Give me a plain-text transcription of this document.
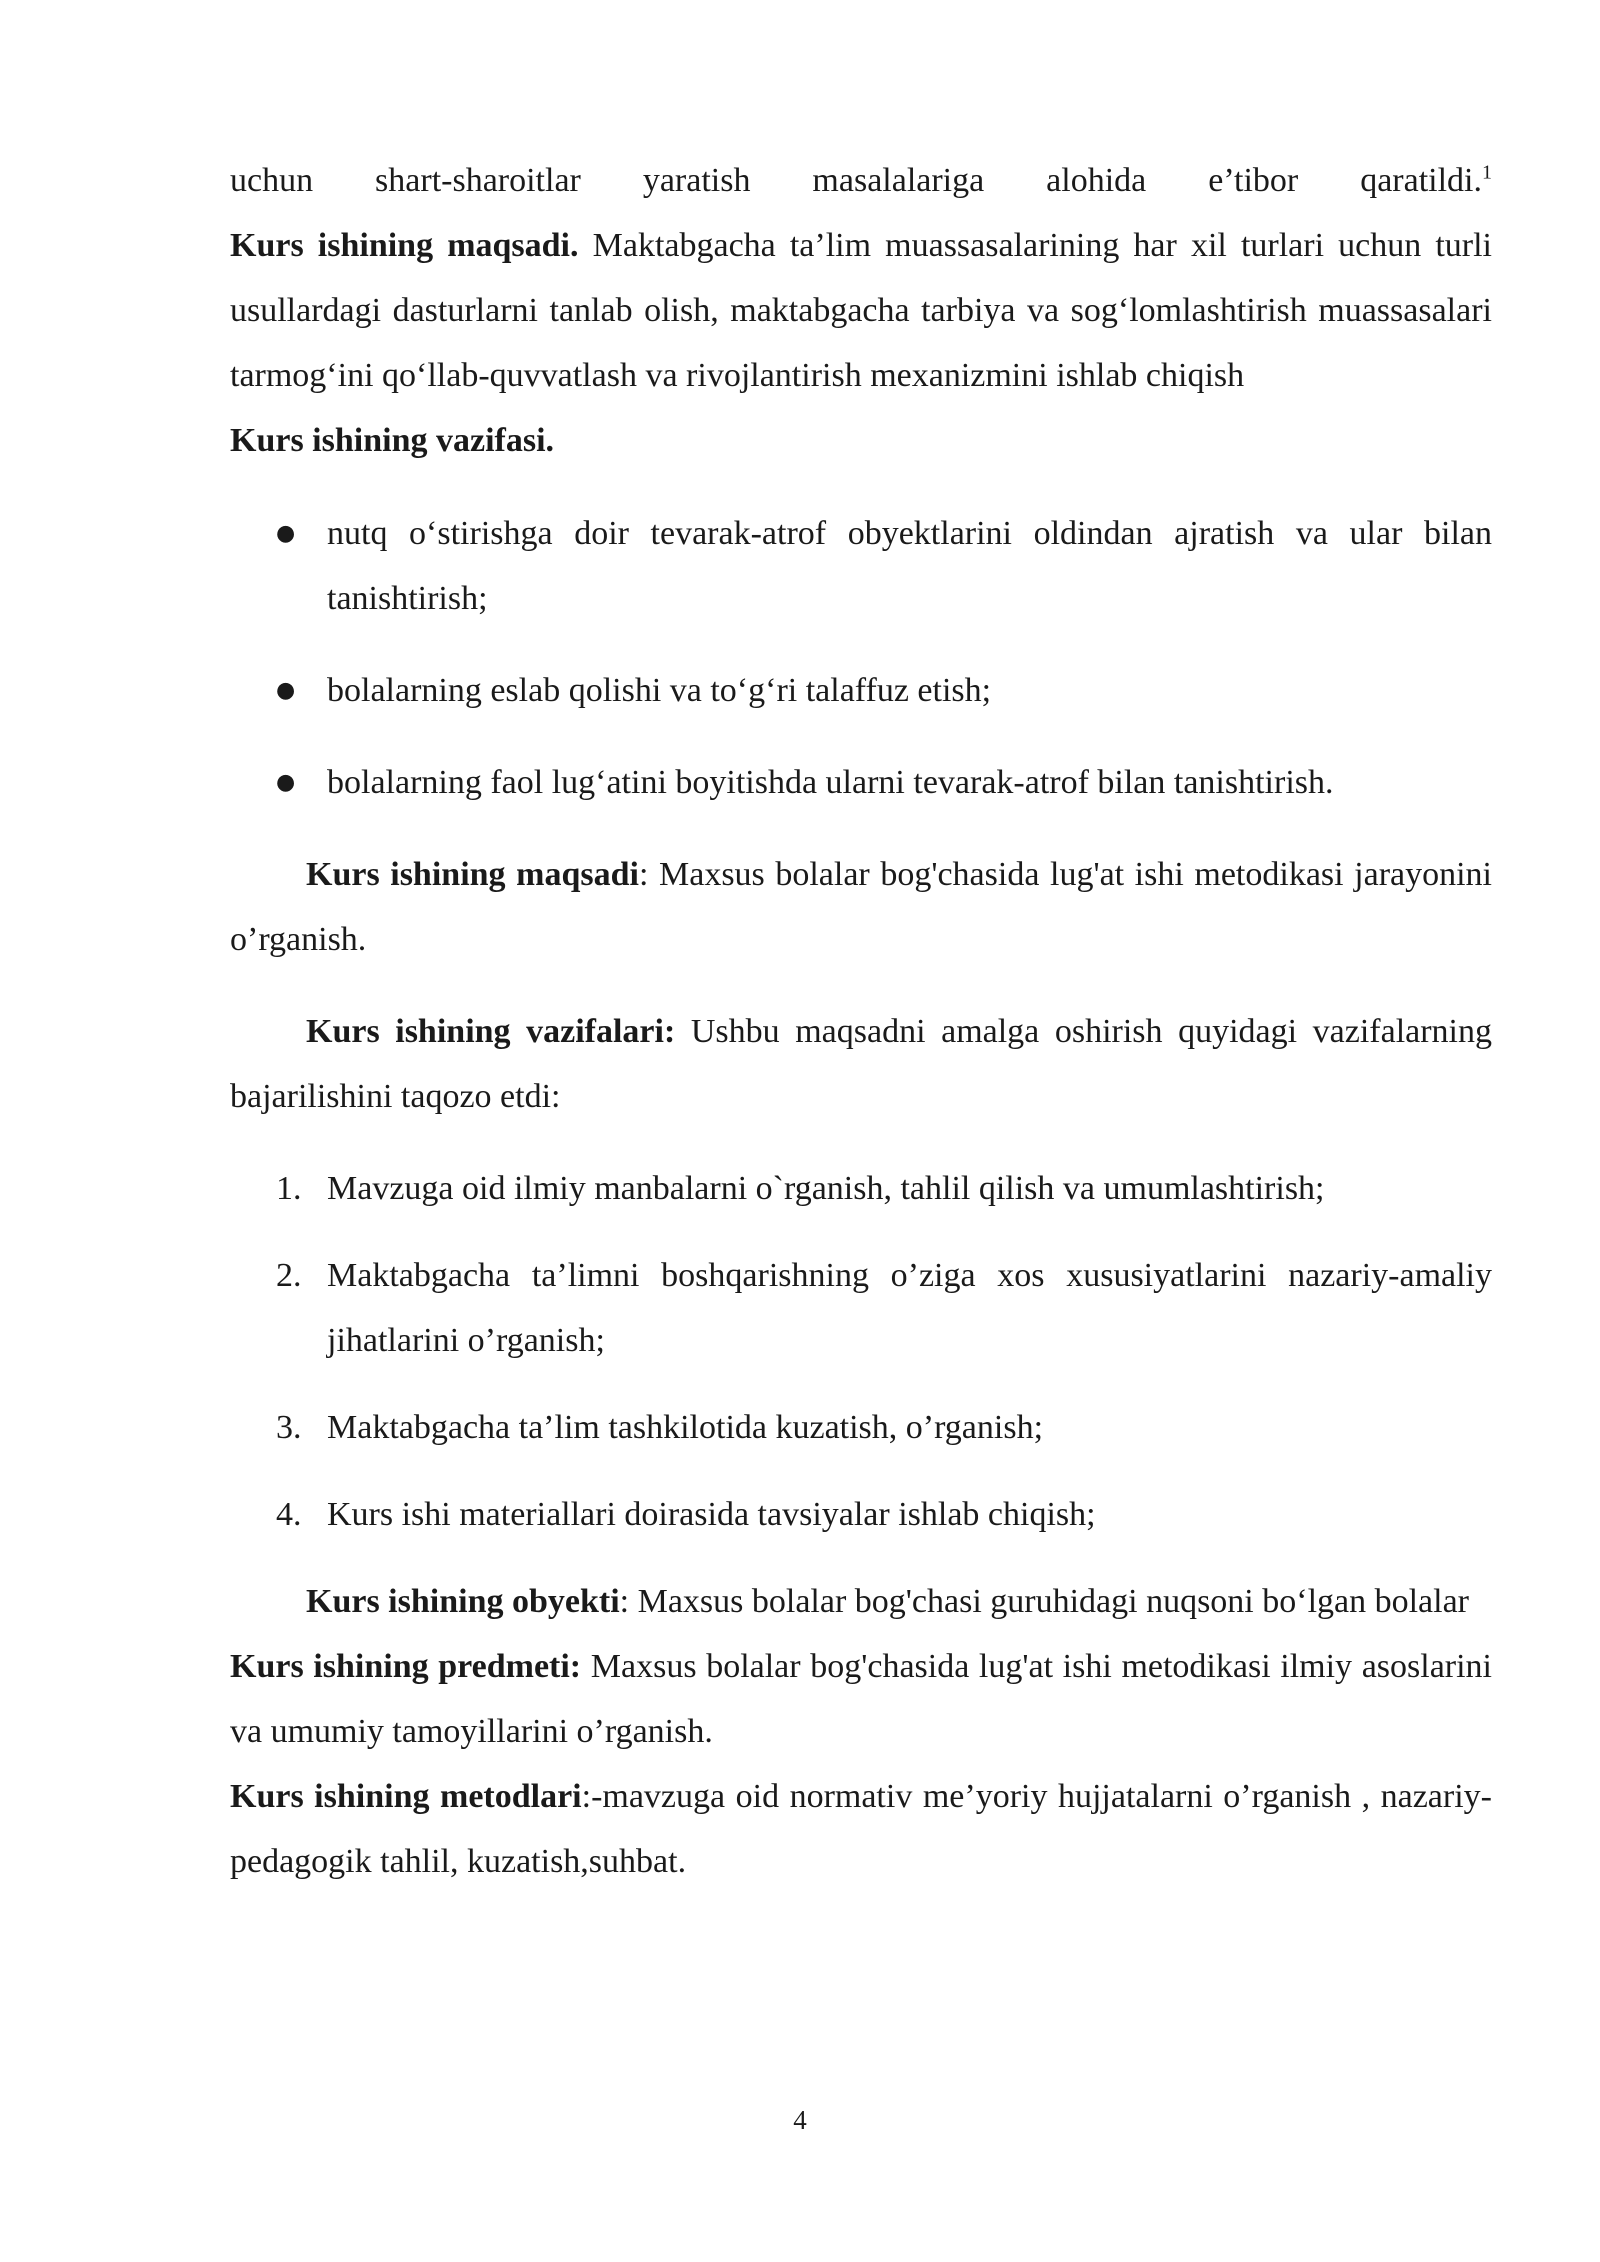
uchun shart-sharoitlar yaratish masalalariga alohida e’tibor qaratildi.$^1$

Kurs ishining maqsadi. Maktabgacha ta’lim muassasalarining har xil turlari uchun turli usullardagi dasturlarni tanlab olish, maktabgacha tarbiya va sog‘lomlashtirish muassasalari tarmog‘ini qo‘llab-quvvatlash va rivojlantirish mexanizmini ishlab chiqish

Kurs ishining vazifasi.

● nutq o‘stirishga doir tevarak-atrof obyektlarini oldindan ajratish va ular bilan tanishtirish;
● bolalarning eslab qolishi va to‘g‘ri talaffuz etish;
● bolalarning faol lug‘atini boyitishda ularni tevarak-atrof bilan tanishtirish.

Kurs ishining maqsadi: Maxsus bolalar bog'chasida lug'at ishi metodikasi jarayonini o’rganish.

Kurs ishining vazifalari: Ushbu maqsadni amalga oshirish quyidagi vazifalarning bajarilishini taqozo etdi:

1. Mavzuga oid ilmiy manbalarni o`rganish, tahlil qilish va umumlashtirish;
2. Maktabgacha ta’limni boshqarishning o’ziga xos xususiyatlarini nazariy-amaliy jihatlarini o’rganish;
3. Maktabgacha ta’lim tashkilotida kuzatish, o’rganish;
4. Kurs ishi materiallari doirasida tavsiyalar ishlab chiqish;

Kurs ishining obyekti: Maxsus bolalar bog'chasi guruhidagi nuqsoni bo‘lgan bolalar

Kurs ishining predmeti: Maxsus bolalar bog'chasida lug'at ishi metodikasi ilmiy asoslarini va umumiy tamoyillarini o’rganish.

Kurs ishining metodlari:-mavzuga oid normativ me’yoriy hujjatalarni o’rganish , nazariy-pedagogik tahlil, kuzatish,suhbat.

4
